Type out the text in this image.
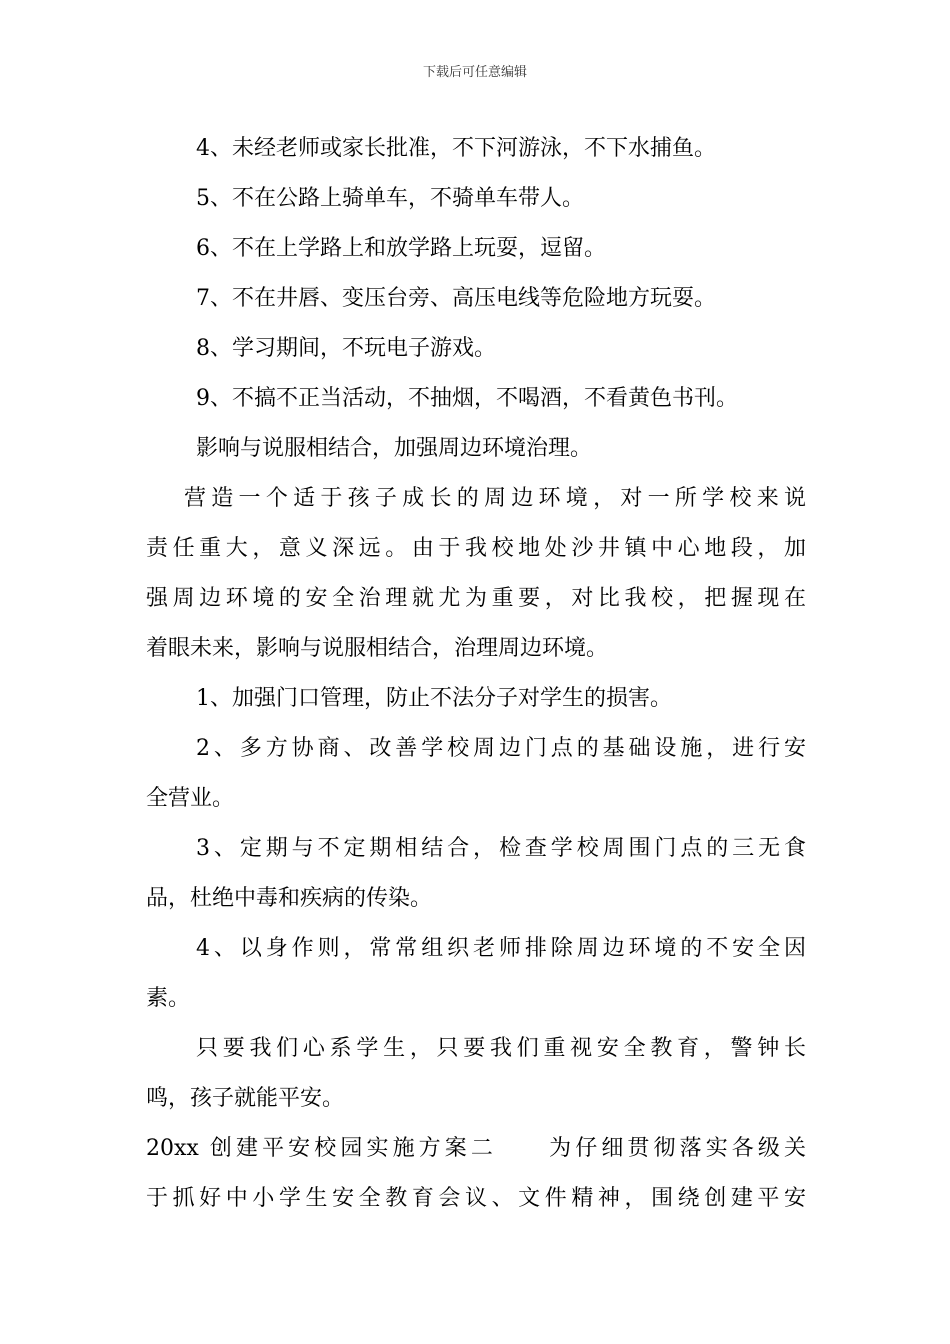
下载后可任意编辑
4、未经老师或家长批准，不下河游泳，不下水捕鱼。
5、不在公路上骑单车，不骑单车带人。
6、不在上学路上和放学路上玩耍，逗留。
7、不在井唇、变压台旁、高压电线等危险地方玩耍。
8、学习期间，不玩电子游戏。
9、不搞不正当活动，不抽烟，不喝酒，不看黄色书刊。
影响与说服相结合，加强周边环境治理。
营造一个适于孩子成长的周边环境，对一所学校来说
责任重大，意义深远。由于我校地处沙井镇中心地段，加
强周边环境的安全治理就尤为重要，对比我校，把握现在
着眼未来，影响与说服相结合，治理周边环境。
1、加强门口管理，防止不法分子对学生的损害。
2、多方协商、改善学校周边门点的基础设施，进行安
全营业。
3、定期与不定期相结合，检查学校周围门点的三无食
品，杜绝中毒和疾病的传染。
4、以身作则，常常组织老师排除周边环境的不安全因
素。
只要我们心系学生，只要我们重视安全教育，警钟长
鸣，孩子就能平安。
20xx 创建平安校园实施方案二　　为仔细贯彻落实各级关
于抓好中小学生安全教育会议、文件精神，围绕创建平安
